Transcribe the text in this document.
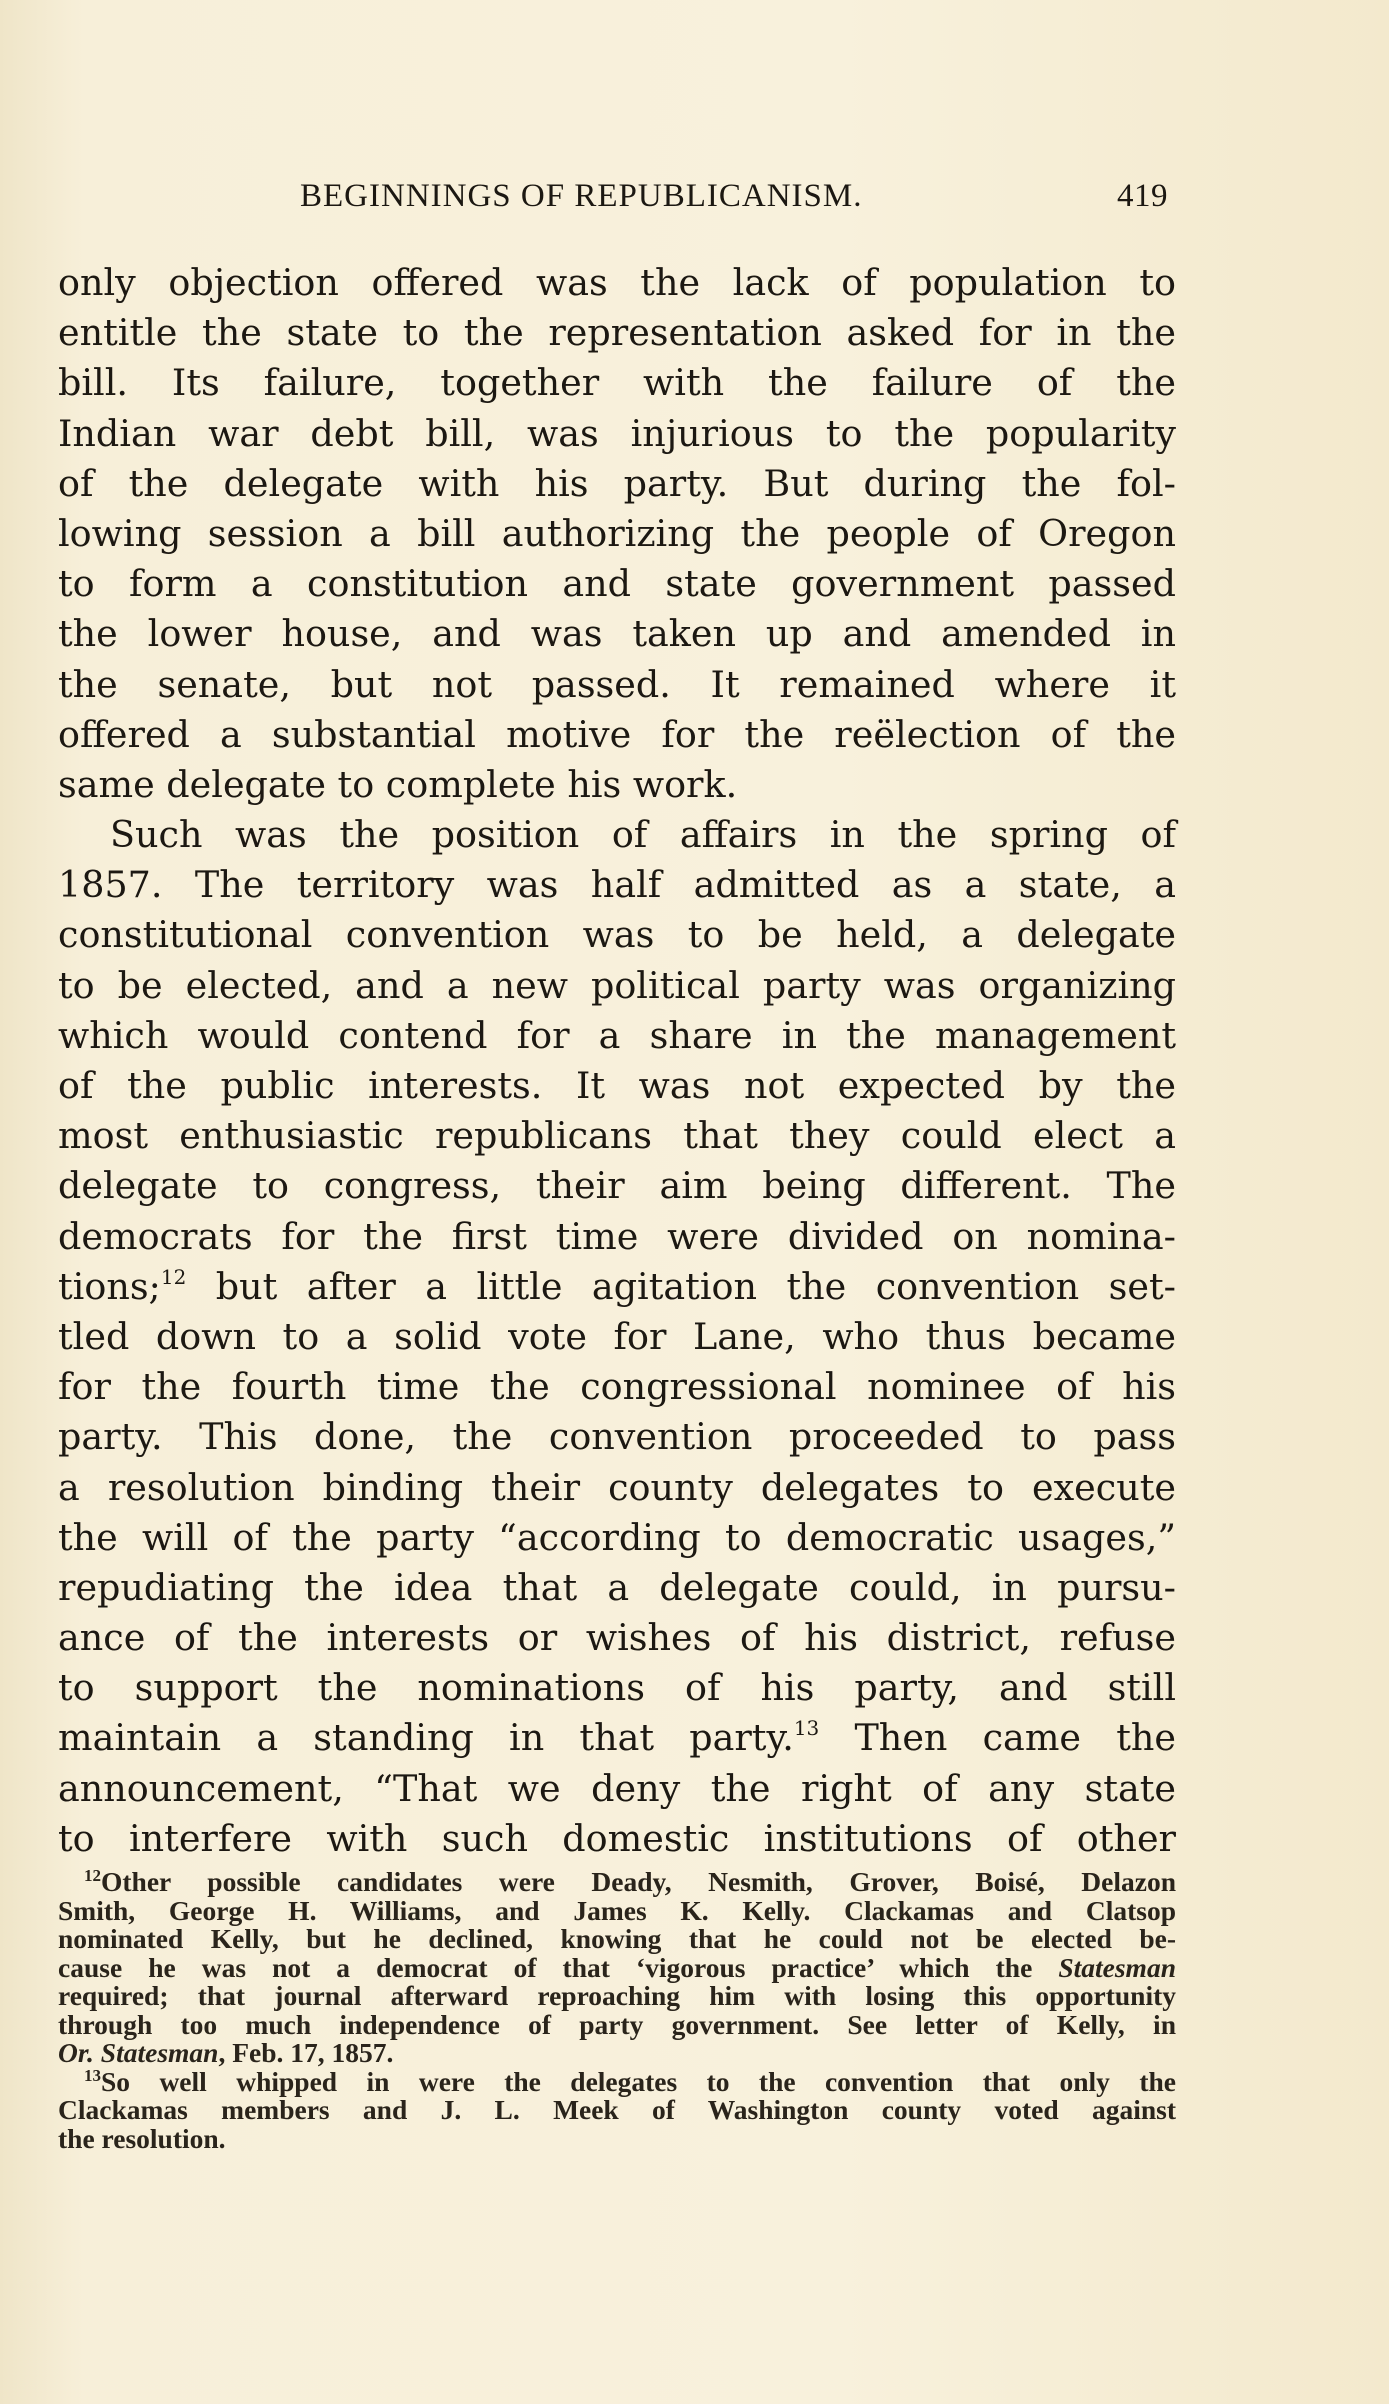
BEGINNINGS OF REPUBLICANISM.	419
only objection offered was the lack of population to
entitle the state to the representation asked for in the
bill. Its failure, together with the failure of the
Indian war debt bill, was injurious to the popularity
of the delegate with his party. But during the fol-
lowing session a bill authorizing the people of Oregon
to form a constitution and state government passed
the lower house, and was taken up and amended in
the senate, but not passed. It remained where it
offered a substantial motive for the reëlection of the
same delegate to complete his work.
Such was the position of affairs in the spring of
1857. The territory was half admitted as a state, a
constitutional convention was to be held, a delegate
to be elected, and a new political party was organizing
which would contend for a share in the management
of the public interests. It was not expected by the
most enthusiastic republicans that they could elect a
delegate to congress, their aim being different. The
democrats for the first time were divided on nomina-
tions;$^{12}$ but after a little agitation the convention set-
tled down to a solid vote for Lane, who thus became
for the fourth time the congressional nominee of his
party. This done, the convention proceeded to pass
a resolution binding their county delegates to execute
the will of the party “according to democratic usages,”
repudiating the idea that a delegate could, in pursu-
ance of the interests or wishes of his district, refuse
to support the nominations of his party, and still
maintain a standing in that party.$^{13}$ Then came the
announcement, “That we deny the right of any state
to interfere with such domestic institutions of other
$^{12}$Other possible candidates were Deady, Nesmith, Grover, Boisé, Delazon
Smith, George H. Williams, and James K. Kelly. Clackamas and Clatsop
nominated Kelly, but he declined, knowing that he could not be elected be-
cause he was not a democrat of that ‘vigorous practice’ which the Statesman
required; that journal afterward reproaching him with losing this opportunity
through too much independence of party government. See letter of Kelly, in
Or. Statesman, Feb. 17, 1857.
$^{13}$So well whipped in were the delegates to the convention that only the
Clackamas members and J. L. Meek of Washington county voted against
the resolution.
